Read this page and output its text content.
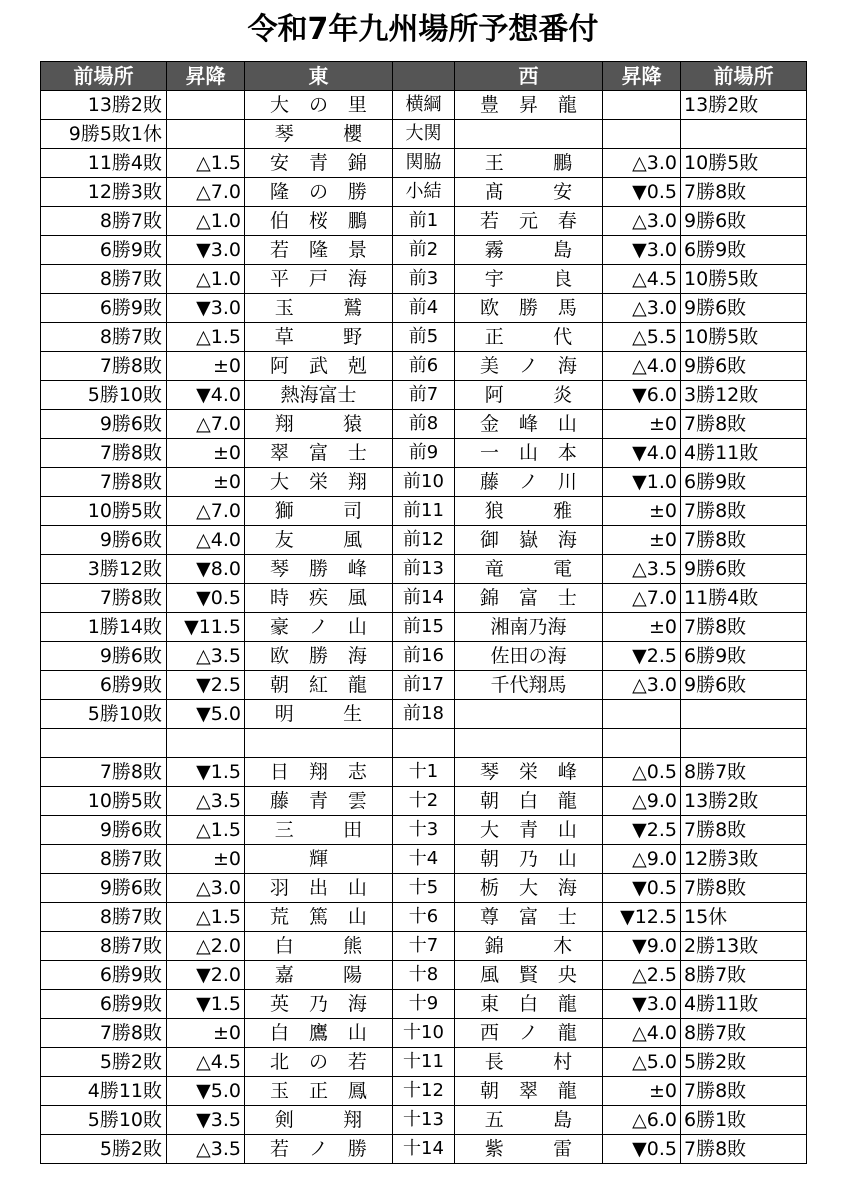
令和7年九州場所予想番付
前場所	昇降	東		西	昇降	前場所
13勝2敗		大の里	横綱	豊昇龍		13勝2敗
9勝5敗1休		琴櫻	大関			
11勝4敗	△1.5	安青錦	関脇	王鵬	△3.0	10勝5敗
12勝3敗	△7.0	隆の勝	小結	髙安	▼0.5	7勝8敗
8勝7敗	△1.0	伯桜鵬	前1	若元春	△3.0	9勝6敗
6勝9敗	▼3.0	若隆景	前2	霧島	▼3.0	6勝9敗
8勝7敗	△1.0	平戸海	前3	宇良	△4.5	10勝5敗
6勝9敗	▼3.0	玉鷲	前4	欧勝馬	△3.0	9勝6敗
8勝7敗	△1.5	草野	前5	正代	△5.5	10勝5敗
7勝8敗	±0	阿武剋	前6	美ノ海	△4.0	9勝6敗
5勝10敗	▼4.0	熱海富士	前7	阿炎	▼6.0	3勝12敗
9勝6敗	△7.0	翔猿	前8	金峰山	±0	7勝8敗
7勝8敗	±0	翠富士	前9	一山本	▼4.0	4勝11敗
7勝8敗	±0	大栄翔	前10	藤ノ川	▼1.0	6勝9敗
10勝5敗	△7.0	獅司	前11	狼雅	±0	7勝8敗
9勝6敗	△4.0	友風	前12	御嶽海	±0	7勝8敗
3勝12敗	▼8.0	琴勝峰	前13	竜電	△3.5	9勝6敗
7勝8敗	▼0.5	時疾風	前14	錦富士	△7.0	11勝4敗
1勝14敗	▼11.5	豪ノ山	前15	湘南乃海	±0	7勝8敗
9勝6敗	△3.5	欧勝海	前16	佐田の海	▼2.5	6勝9敗
6勝9敗	▼2.5	朝紅龍	前17	千代翔馬	△3.0	9勝6敗
5勝10敗	▼5.0	明生	前18			

7勝8敗	▼1.5	日翔志	十1	琴栄峰	△0.5	8勝7敗
10勝5敗	△3.5	藤青雲	十2	朝白龍	△9.0	13勝2敗
9勝6敗	△1.5	三田	十3	大青山	▼2.5	7勝8敗
8勝7敗	±0	輝	十4	朝乃山	△9.0	12勝3敗
9勝6敗	△3.0	羽出山	十5	栃大海	▼0.5	7勝8敗
8勝7敗	△1.5	荒篤山	十6	尊富士	▼12.5	15休
8勝7敗	△2.0	白熊	十7	錦木	▼9.0	2勝13敗
6勝9敗	▼2.0	嘉陽	十8	風賢央	△2.5	8勝7敗
6勝9敗	▼1.5	英乃海	十9	東白龍	▼3.0	4勝11敗
7勝8敗	±0	白鷹山	十10	西ノ龍	△4.0	8勝7敗
5勝2敗	△4.5	北の若	十11	長村	△5.0	5勝2敗
4勝11敗	▼5.0	玉正鳳	十12	朝翠龍	±0	7勝8敗
5勝10敗	▼3.5	剣翔	十13	五島	△6.0	6勝1敗
5勝2敗	△3.5	若ノ勝	十14	紫雷	▼0.5	7勝8敗
